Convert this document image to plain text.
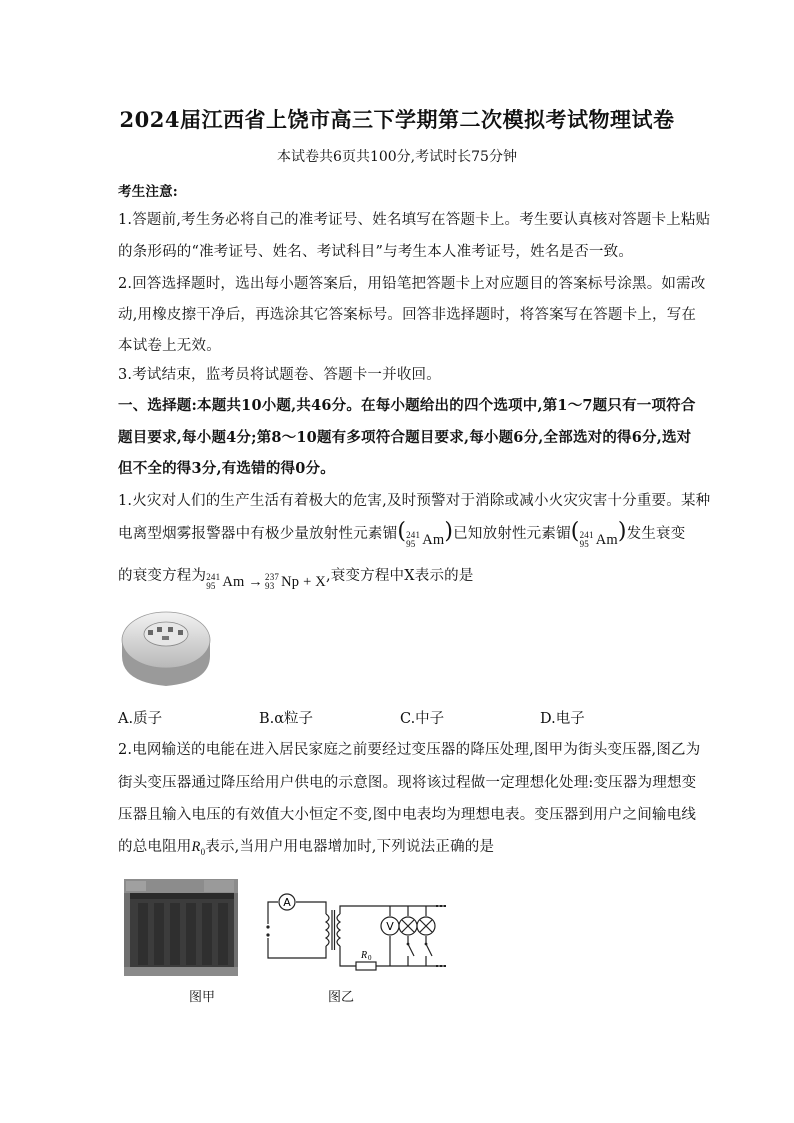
2024届江西省上饶市高三下学期第二次模拟考试物理试卷
本试卷共6页共100分,考试时长75分钟
考生注意:
1.答题前,考生务必将自己的准考证号、姓名填写在答题卡上。考生要认真核对答题卡上粘贴
的条形码的“准考证号、姓名、考试科目”与考生本人准考证号，姓名是否一致。
2.回答选择题时，选出每小题答案后，用铅笔把答题卡上对应题目的答案标号涂黑。如需改
动,用橡皮擦干净后，再选涂其它答案标号。回答非选择题时，将答案写在答题卡上，写在
本试卷上无效。
3.考试结束，监考员将试题卷、答题卡一并收回。
一、选择题:本题共10小题,共46分。在每小题给出的四个选项中,第1～7题只有一项符合
题目要求,每小题4分;第8～10题有多项符合题目要求,每小题6分,全部选对的得6分,选对
但不全的得3分,有选错的得0分。
1.火灾对人们的生产生活有着极大的危害,及时预警对于消除或减小火灾灾害十分重要。某种
电离型烟雾报警器中有极少量放射性元素镅( 241
95 Am )已知放射性元素镅( 241
95 Am )发生衰变
的衰变方程为 241
95 Am
→ 237
93 Np
+ X ,衰变方程中X表示的是
A.质子	B.α粒子	C.中子	D.电子
2.电网输送的电能在进入居民家庭之前要经过变压器的降压处理,图甲为街头变压器,图乙为
街头变压器通过降压给用户供电的示意图。现将该过程做一定理想化处理:变压器为理想变
压器且输入电压的有效值大小恒定不变,图中电表均为理想电表。变压器到用户之间输电线
的总电阻用$R_0$表示,当用户用电器增加时,下列说法正确的是
A
V
R 0
图甲	图乙
